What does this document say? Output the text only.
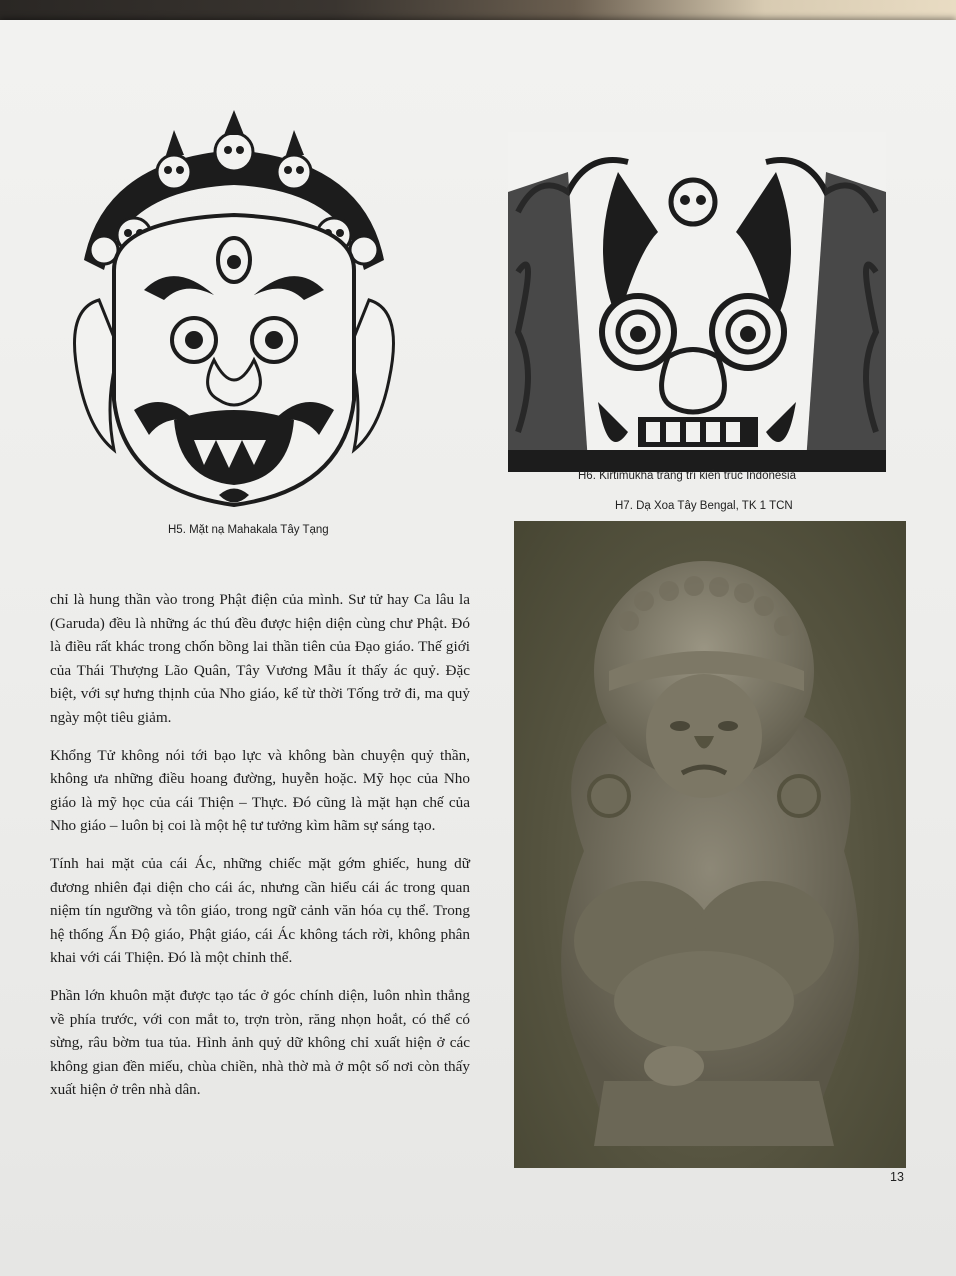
H5. Mặt nạ Mahakala Tây Tạng
H6. Kirtimukha trang trí kiến trúc Indonesia
H7. Dạ Xoa Tây Bengal, TK 1 TCN

chỉ là hung thần vào trong Phật điện của mình. Sư tử hay Ca lâu la (Garuda) đều là những ác thú đều được hiện diện cùng chư Phật. Đó là điều rất khác trong chốn bồng lai thần tiên của Đạo giáo. Thế giới của Thái Thượng Lão Quân, Tây Vương Mẫu ít thấy ác quỷ. Đặc biệt, với sự hưng thịnh của Nho giáo, kể từ thời Tống trở đi, ma quỷ ngày một tiêu giảm.

Khổng Tử không nói tới bạo lực và không bàn chuyện quỷ thần, không ưa những điều hoang đường, huyễn hoặc. Mỹ học của Nho giáo là mỹ học của cái Thiện – Thực. Đó cũng là mặt hạn chế của Nho giáo – luôn bị coi là một hệ tư tưởng kìm hãm sự sáng tạo.

Tính hai mặt của cái Ác, những chiếc mặt gớm ghiếc, hung dữ đương nhiên đại diện cho cái ác, nhưng cần hiểu cái ác trong quan niệm tín ngưỡng và tôn giáo, trong ngữ cảnh văn hóa cụ thể. Trong hệ thống Ấn Độ giáo, Phật giáo, cái Ác không tách rời, không phân khai với cái Thiện. Đó là một chỉnh thể.

Phần lớn khuôn mặt được tạo tác ở góc chính diện, luôn nhìn thẳng về phía trước, với con mắt to, trợn tròn, răng nhọn hoắt, có thể có sừng, râu bờm tua tủa. Hình ảnh quỷ dữ không chỉ xuất hiện ở các không gian đền miếu, chùa chiền, nhà thờ mà ở một số nơi còn thấy xuất hiện ở trên nhà dân.

13
